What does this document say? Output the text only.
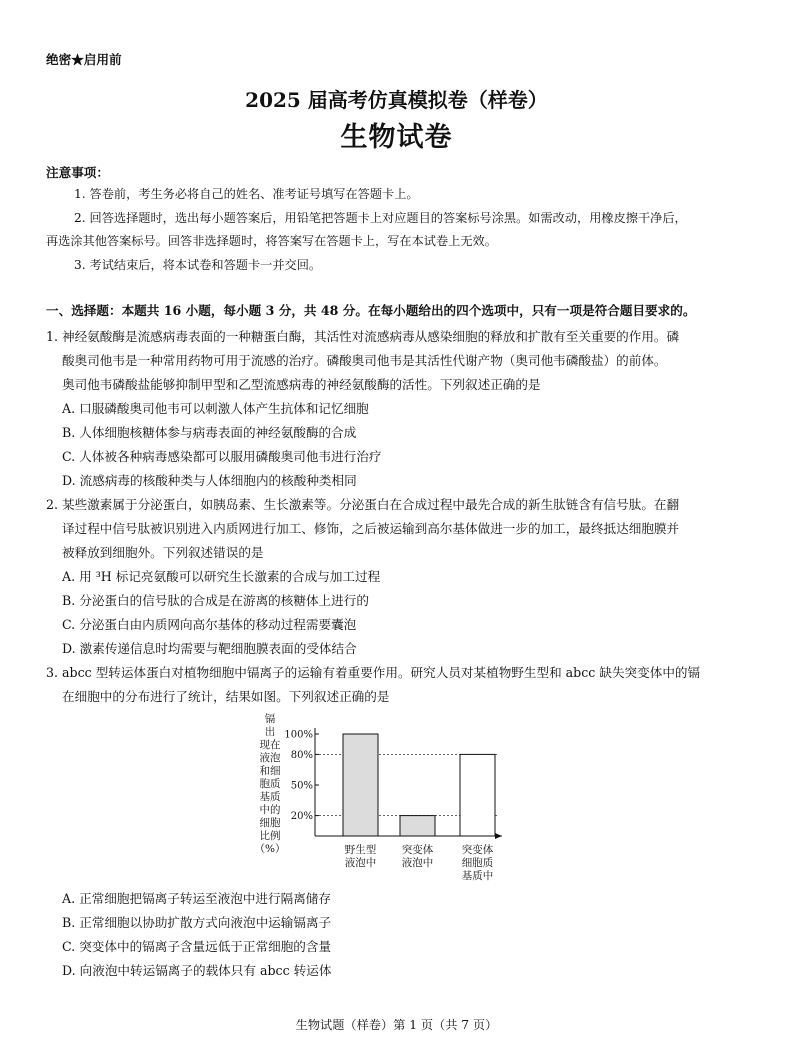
绝密★启用前
2025 届高考仿真模拟卷（样卷）
生物试卷
注意事项：
1. 答卷前，考生务必将自己的姓名、准考证号填写在答题卡上。
2. 回答选择题时，选出每小题答案后，用铅笔把答题卡上对应题目的答案标号涂黑。如需改动，用橡皮擦干净后，
再选涂其他答案标号。回答非选择题时，将答案写在答题卡上，写在本试卷上无效。
3. 考试结束后，将本试卷和答题卡一并交回。
一、选择题：本题共 16 小题，每小题 3 分，共 48 分。在每小题给出的四个选项中，只有一项是符合题目要求的。
1. 神经氨酸酶是流感病毒表面的一种糖蛋白酶，其活性对流感病毒从感染细胞的释放和扩散有至关重要的作用。磷
酸奥司他韦是一种常用药物可用于流感的治疗。磷酸奥司他韦是其活性代谢产物（奥司他韦磷酸盐）的前体。
奥司他韦磷酸盐能够抑制甲型和乙型流感病毒的神经氨酸酶的活性。下列叙述正确的是
A. 口服磷酸奥司他韦可以刺激人体产生抗体和记忆细胞
B. 人体细胞核糖体参与病毒表面的神经氨酸酶的合成
C. 人体被各种病毒感染都可以服用磷酸奥司他韦进行治疗
D. 流感病毒的核酸种类与人体细胞内的核酸种类相同
2. 某些激素属于分泌蛋白，如胰岛素、生长激素等。分泌蛋白在合成过程中最先合成的新生肽链含有信号肽。在翻
译过程中信号肽被识别进入内质网进行加工、修饰，之后被运输到高尔基体做进一步的加工，最终抵达细胞膜并
被释放到细胞外。下列叙述错误的是
A. 用 ³H 标记亮氨酸可以研究生长激素的合成与加工过程
B. 分泌蛋白的信号肽的合成是在游离的核糖体上进行的
C. 分泌蛋白由内质网向高尔基体的移动过程需要囊泡
D. 激素传递信息时均需要与靶细胞膜表面的受体结合
3. abcc 型转运体蛋白对植物细胞中镉离子的运输有着重要作用。研究人员对某植物野生型和 abcc 缺失突变体中的镉
在细胞中的分布进行了统计，结果如图。下列叙述正确的是
镉
出
现在
液泡
和细
胞质
基质
中的
细胞
比例
（%）
100%
80%
50%
20%
野生型
液泡中
突变体
液泡中
突变体
细胞质
基质中
A. 正常细胞把镉离子转运至液泡中进行隔离储存
B. 正常细胞以协助扩散方式向液泡中运输镉离子
C. 突变体中的镉离子含量远低于正常细胞的含量
D. 向液泡中转运镉离子的载体只有 abcc 转运体
生物试题（样卷）第 1 页（共 7 页）
